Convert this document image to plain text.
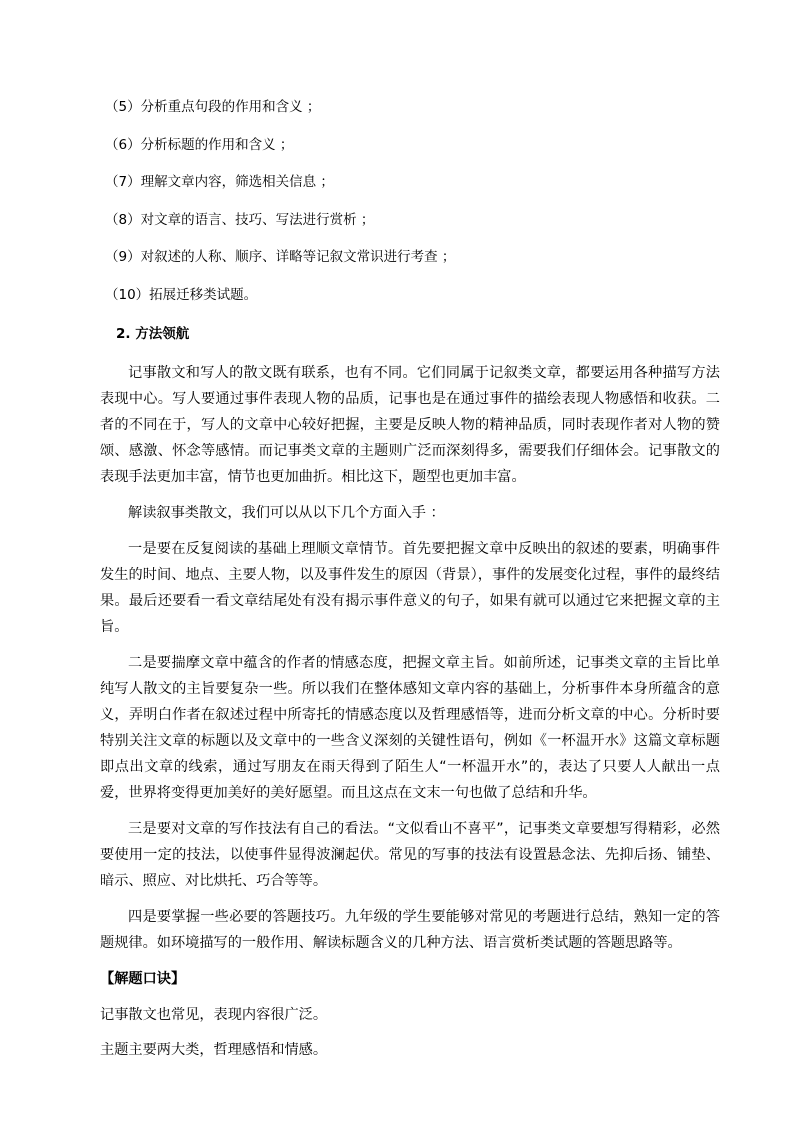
（5）分析重点句段的作用和含义 ；
（6）分析标题的作用和含义 ；
（7）理解文章内容，筛选相关信息 ；
（8）对文章的语言、技巧、写法进行赏析 ；
（9）对叙述的人称、顺序、详略等记叙文常识进行考查 ；
（10）拓展迁移类试题。
2. 方法领航

记事散文和写人的散文既有联系，也有不同。它们同属于记叙类文章，都要运用各种描写方法表现中心。写人要通过事件表现人物的品质，记事也是在通过事件的描绘表现人物感悟和收获。二者的不同在于，写人的文章中心较好把握，主要是反映人物的精神品质，同时表现作者对人物的赞颂、感激、怀念等感情。而记事类文章的主题则广泛而深刻得多，需要我们仔细体会。记事散文的表现手法更加丰富，情节也更加曲折。相比这下，题型也更加丰富。

解读叙事类散文，我们可以从以下几个方面入手 ：

一是要在反复阅读的基础上理顺文章情节。首先要把握文章中反映出的叙述的要素，明确事件发生的时间、地点、主要人物，以及事件发生的原因（背景），事件的发展变化过程，事件的最终结果。最后还要看一看文章结尾处有没有揭示事件意义的句子，如果有就可以通过它来把握文章的主旨。

二是要揣摩文章中蕴含的作者的情感态度，把握文章主旨。如前所述，记事类文章的主旨比单纯写人散文的主旨要复杂一些。所以我们在整体感知文章内容的基础上，分析事件本身所蕴含的意义，弄明白作者在叙述过程中所寄托的情感态度以及哲理感悟等，进而分析文章的中心。分析时要特别关注文章的标题以及文章中的一些含义深刻的关键性语句，例如《一杯温开水》这篇文章标题即点出文章的线索，通过写朋友在雨天得到了陌生人“一杯温开水”的，表达了只要人人献出一点爱，世界将变得更加美好的美好愿望。而且这点在文末一句也做了总结和升华。

三是要对文章的写作技法有自己的看法。“文似看山不喜平”，记事类文章要想写得精彩，必然要使用一定的技法，以使事件显得波澜起伏。常见的写事的技法有设置悬念法、先抑后扬、铺垫、暗示、照应、对比烘托、巧合等等。

四是要掌握一些必要的答题技巧。九年级的学生要能够对常见的考题进行总结，熟知一定的答题规律。如环境描写的一般作用、解读标题含义的几种方法、语言赏析类试题的答题思路等。

【解题口诀】
记事散文也常见，表现内容很广泛。
主题主要两大类，哲理感悟和情感。
